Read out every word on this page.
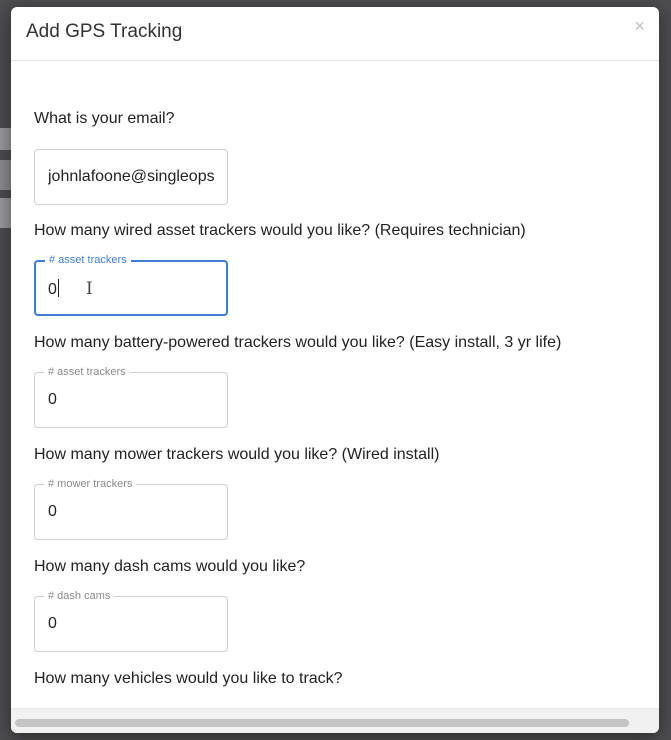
Add GPS Tracking	×
What is your email?
johnlafoone@singleops
How many wired asset trackers would you like? (Requires technician)
# asset trackers
0 I
How many battery-powered trackers would you like? (Easy install, 3 yr life)
# asset trackers
0
How many mower trackers would you like? (Wired install)
# mower trackers
0
How many dash cams would you like?
# dash cams
0
How many vehicles would you like to track?
